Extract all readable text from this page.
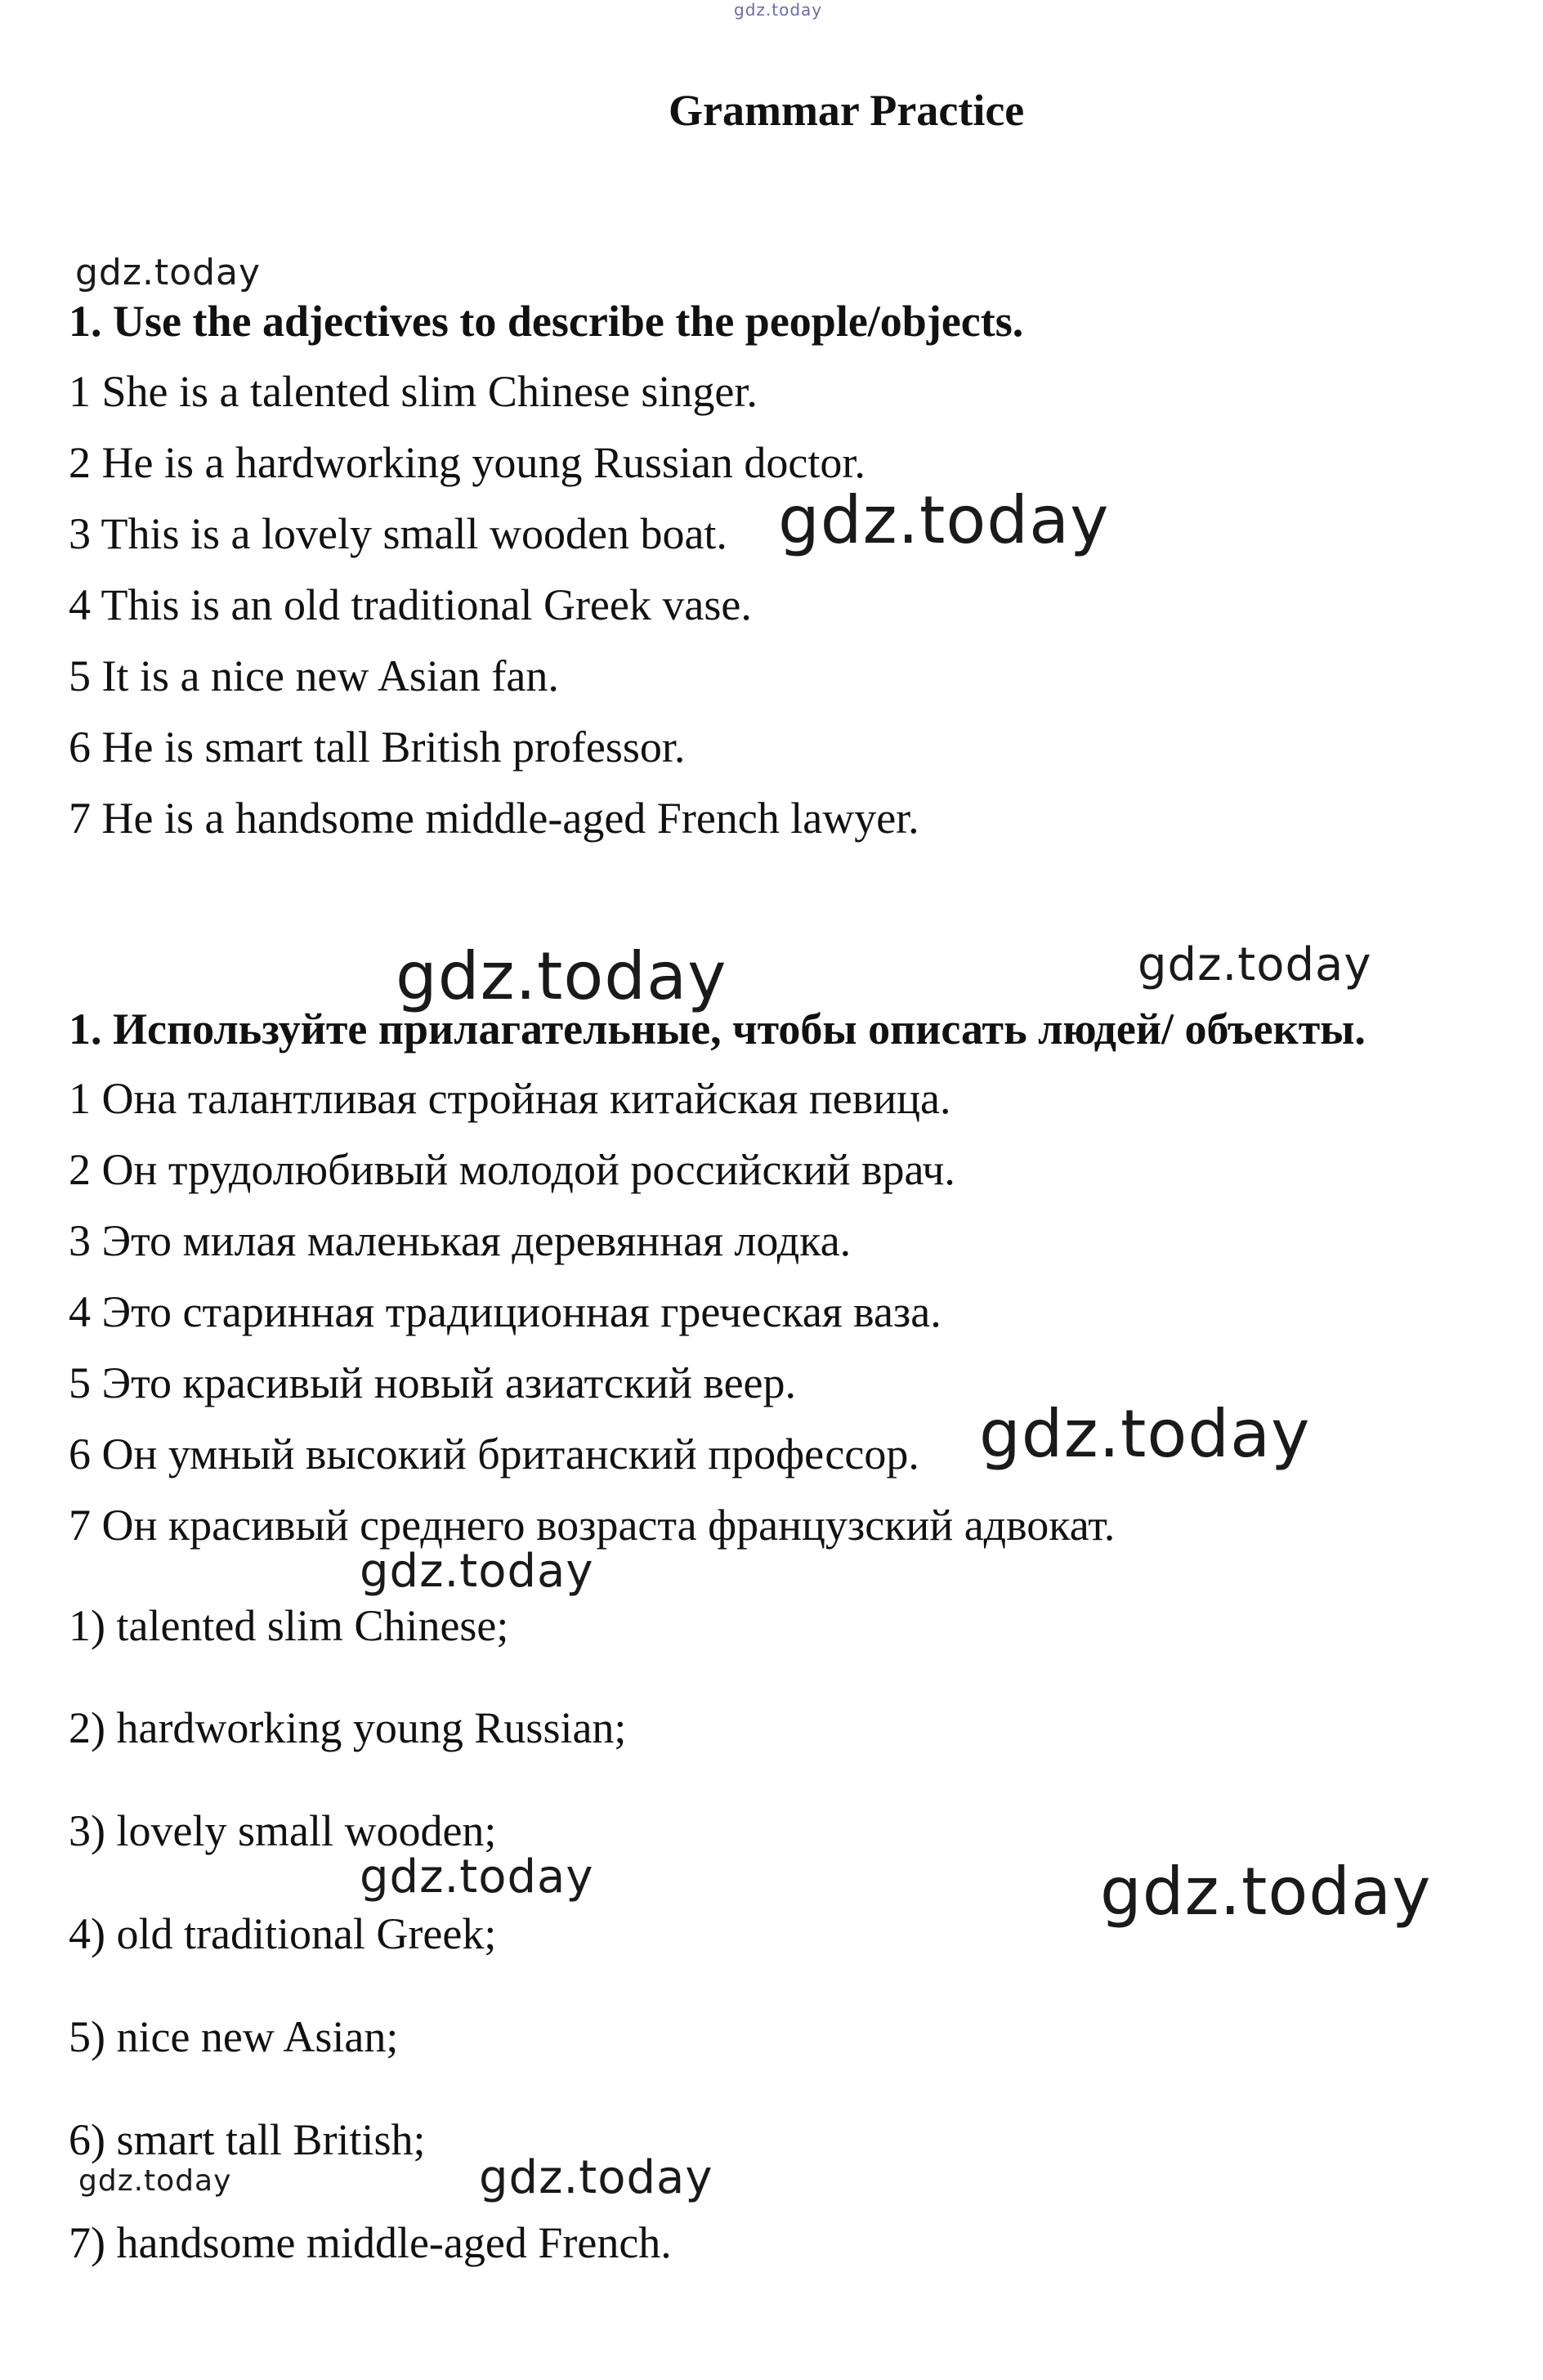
gdz.today
Grammar Practice
gdz.today
1. Use the adjectives to describe the people/objects.
1 She is a talented slim Chinese singer.
2 He is a hardworking young Russian doctor.
3 This is a lovely small wooden boat. gdz.today
4 This is an old traditional Greek vase.
5 It is a nice new Asian fan.
6 He is smart tall British professor.
7 He is a handsome middle-aged French lawyer.
gdz.today	gdz.today
1. Используйте прилагательные, чтобы описать людей/ объекты.
1 Она талантливая стройная китайская певица.
2 Он трудолюбивый молодой российский врач.
3 Это милая маленькая деревянная лодка.
4 Это старинная традиционная греческая ваза.
5 Это красивый новый азиатский веер.
6 Он умный высокий британский профессор. gdz.today
7 Он красивый среднего возраста французский адвокат.
gdz.today
1) talented slim Chinese;
2) hardworking young Russian;
3) lovely small wooden;
gdz.today	gdz.today
4) old traditional Greek;
5) nice new Asian;
6) smart tall British;
gdz.today	gdz.today
7) handsome middle-aged French.
